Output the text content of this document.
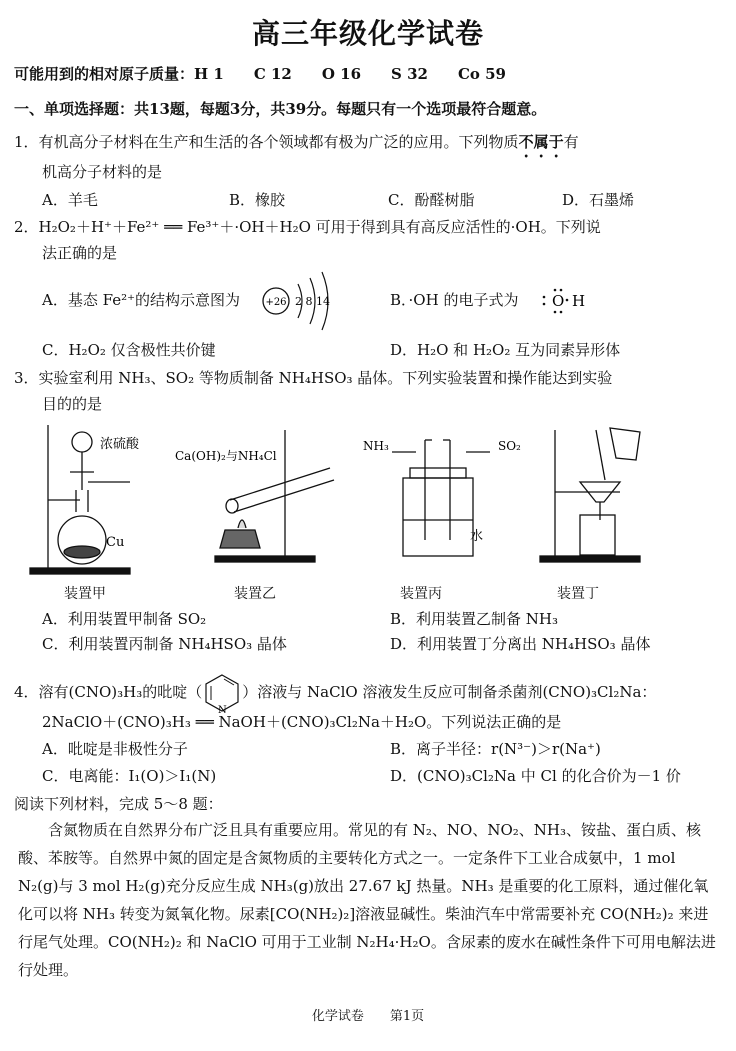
高三年级化学试卷
可能用到的相对原子质量：H 1　　C 12　　O 16　　S 32　　Co 59
一、单项选择题：共13题，每题3分，共39分。每题只有一个选项最符合题意。
1．有机高分子材料在生产和生活的各个领域都有极为广泛的应用。下列物质不属于有
机高分子材料的是
A．羊毛	B．橡胶	C．酚醛树脂	D．石墨烯
2．H₂O₂＋H⁺＋Fe²⁺ ══ Fe³⁺＋·OH＋H₂O 可用于得到具有高反应活性的·OH。下列说
法正确的是
A．基态 Fe²⁺的结构示意图为	+26 2 8 14	B．·OH 的电子式为 O H
C．H₂O₂ 仅含极性共价键	D．H₂O 和 H₂O₂ 互为同素异形体
3．实验室利用 NH₃、SO₂ 等物质制备 NH₄HSO₃ 晶体。下列实验装置和操作能达到实验
目的的是
浓硫酸
Cu
Ca(OH)₂与NH₄Cl
NH₃	SO₂
水
装置甲	装置乙	装置丙	装置丁
A．利用装置甲制备 SO₂	B．利用装置乙制备 NH₃
C．利用装置丙制备 NH₄HSO₃ 晶体	D．利用装置丁分离出 NH₄HSO₃ 晶体
4．溶有(CNO)₃H₃的吡啶（
N
）溶液与 NaClO 溶液发生反应可制备杀菌剂(CNO)₃Cl₂Na：
2NaClO＋(CNO)₃H₃ ══ NaOH＋(CNO)₃Cl₂Na＋H₂O。下列说法正确的是
A．吡啶是非极性分子	B．离子半径：r(N³⁻)＞r(Na⁺)
C．电离能：I₁(O)＞I₁(N)	D．(CNO)₃Cl₂Na 中 Cl 的化合价为－1 价
阅读下列材料，完成 5～8 题：
含氮物质在自然界分布广泛且具有重要应用。常见的有 N₂、NO、NO₂、NH₃、铵盐、蛋白质、核酸、苯胺等。自然界中氮的固定是含氮物质的主要转化方式之一。一定条件下工业合成氨中，1 mol N₂(g)与 3 mol H₂(g)充分反应生成 NH₃(g)放出 27.67 kJ 热量。NH₃ 是重要的化工原料，通过催化氧化可以将 NH₃ 转变为氮氧化物。尿素[CO(NH₂)₂]溶液显碱性。柴油汽车中常需要补充 CO(NH₂)₂ 来进行尾气处理。CO(NH₂)₂ 和 NaClO 可用于工业制 N₂H₄·H₂O。含尿素的废水在碱性条件下可用电解法进行处理。
化学试卷　　第1页
